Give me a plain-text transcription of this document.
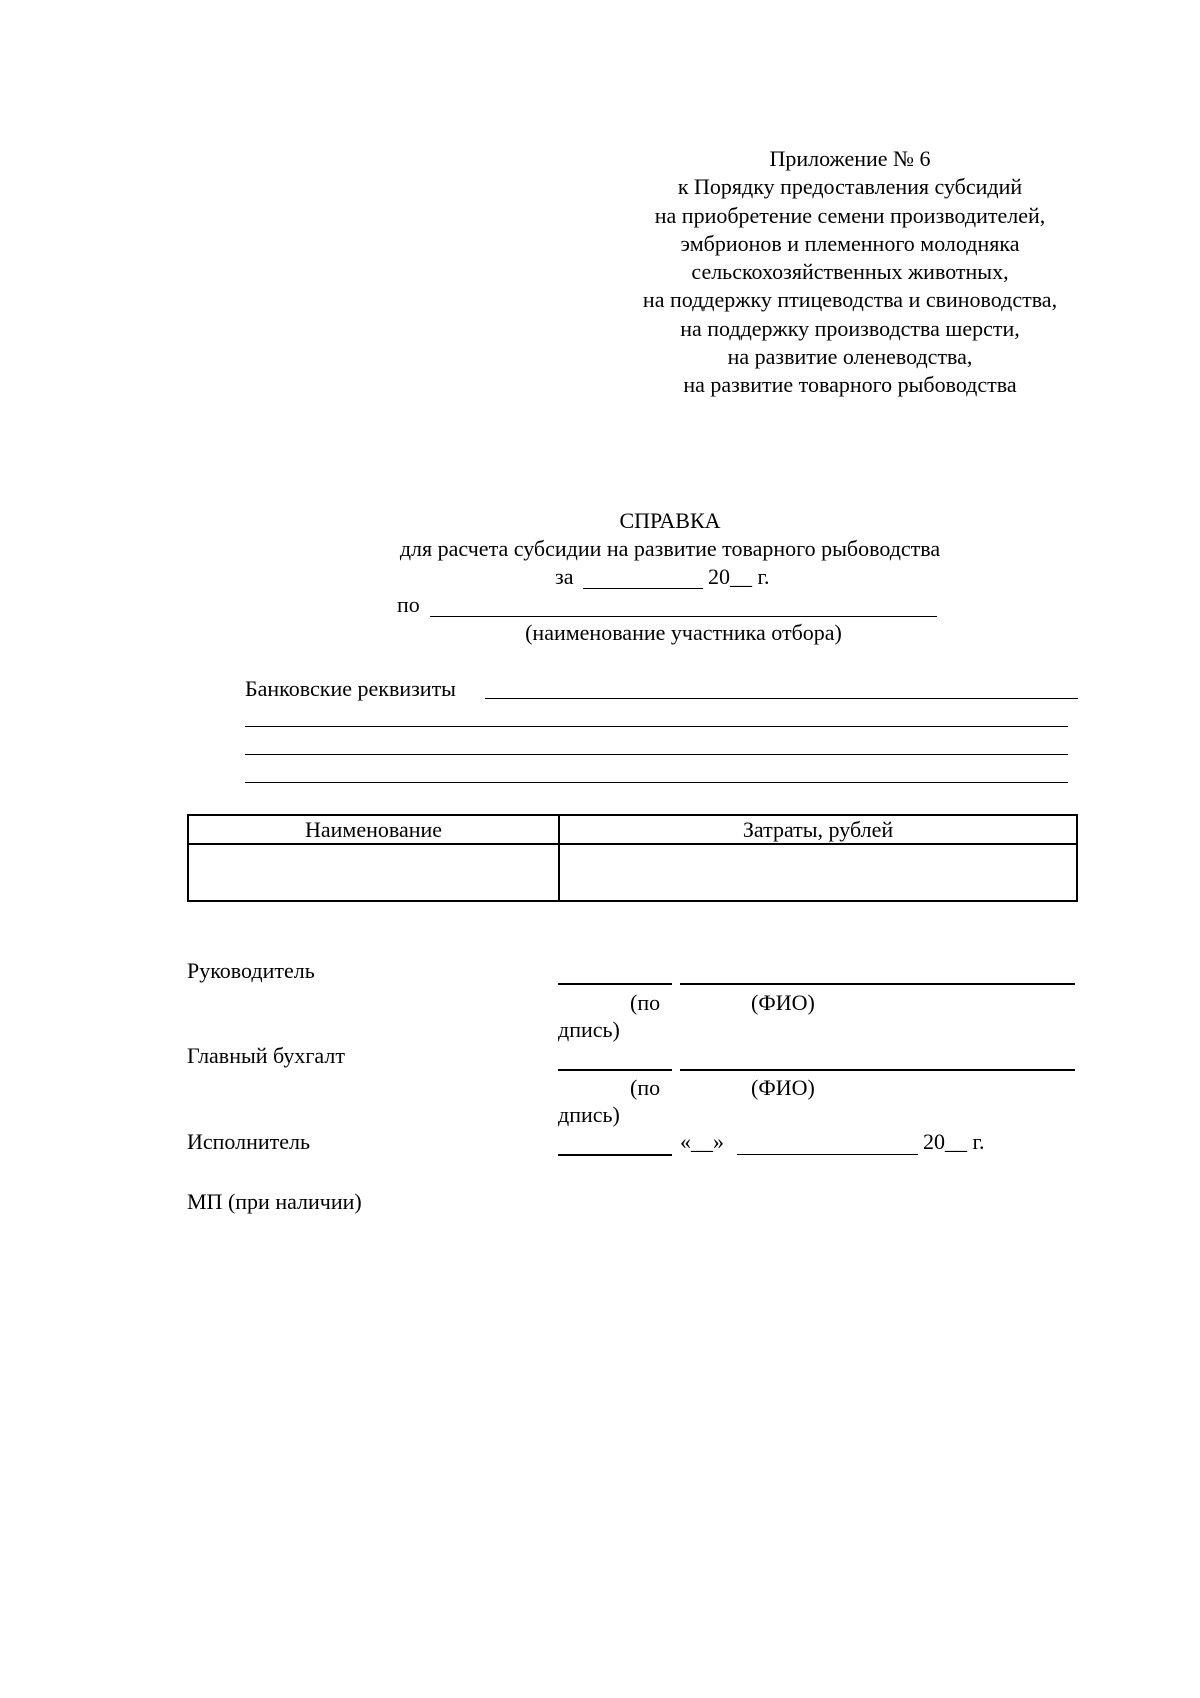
Приложение № 6
к Порядку предоставления субсидий
на приобретение семени производителей,
эмбрионов и племенного молодняка
сельскохозяйственных животных,
на поддержку птицеводства и свиноводства,
на поддержку производства шерсти,
на развитие оленеводства,
на развитие товарного рыбоводства
СПРАВКА
для расчета субсидии на развитие товарного рыбоводства
за	20__ г.
по
(наименование участника отбора)
Банковские реквизиты
Наименование	Затраты, рублей

Руководитель
(по	(ФИО)
дпись)
Главный бухгалт
(по	(ФИО)
дпись)
Исполнитель	«__»	20__ г.
МП (при наличии)
